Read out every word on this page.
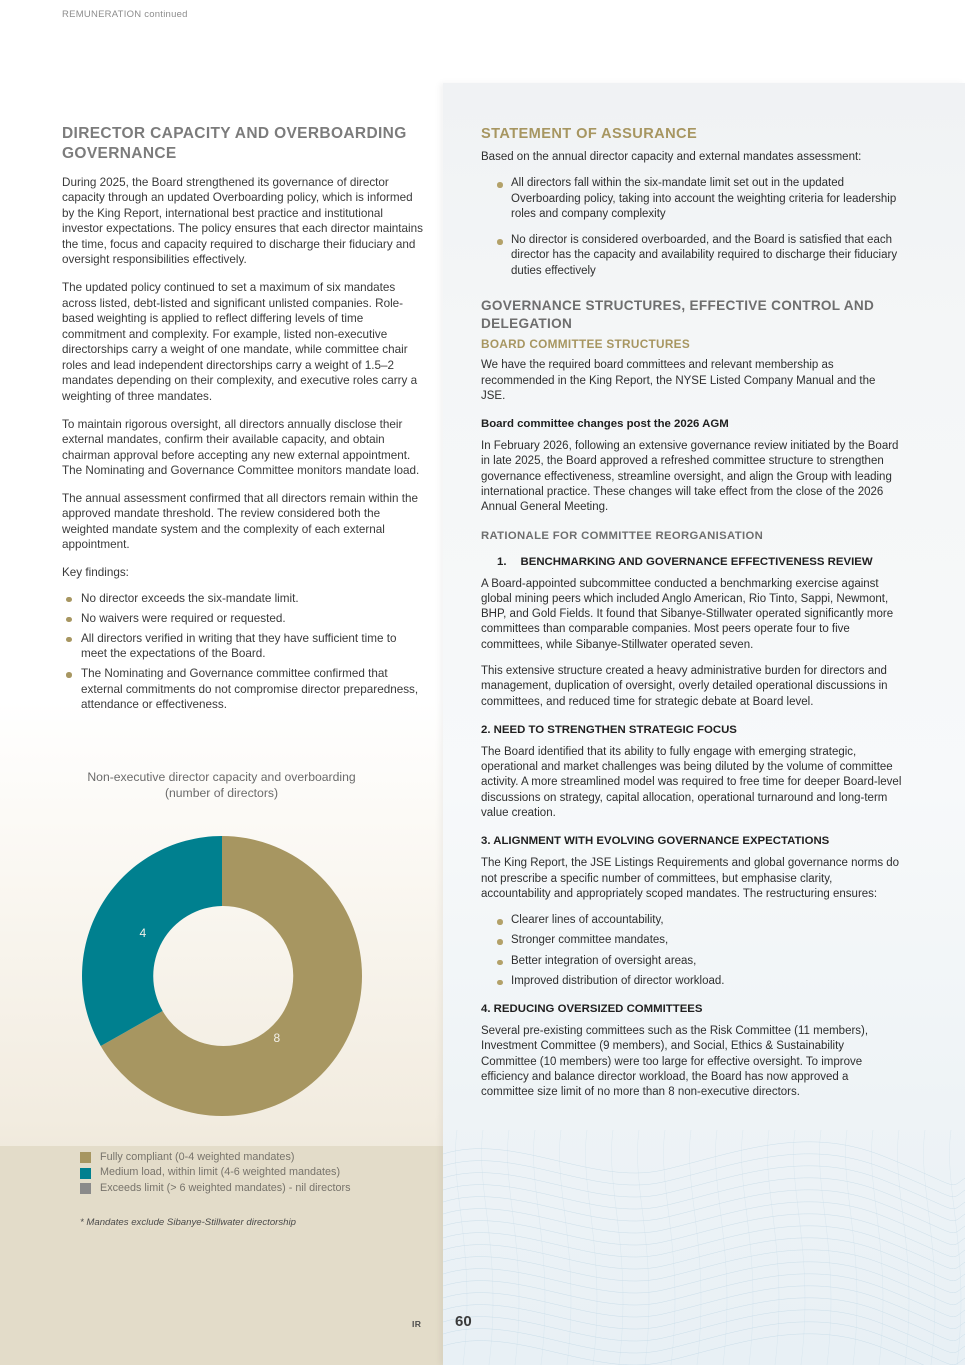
REMUNERATION continued
DIRECTOR CAPACITY AND OVERBOARDING GOVERNANCE

During 2025, the Board strengthened its governance of director capacity through an updated Overboarding policy, which is informed by the King Report, international best practice and institutional investor expectations. The policy ensures that each director maintains the time, focus and capacity required to discharge their fiduciary and oversight responsibilities effectively.

The updated policy continued to set a maximum of six mandates across listed, debt-listed and significant unlisted companies. Role-based weighting is applied to reflect differing levels of time commitment and complexity. For example, listed non-executive directorships carry a weight of one mandate, while committee chair roles and lead independent directorships carry a weight of 1.5–2 mandates depending on their complexity, and executive roles carry a weighting of three mandates.

To maintain rigorous oversight, all directors annually disclose their external mandates, confirm their available capacity, and obtain chairman approval before accepting any new external appointment. The Nominating and Governance Committee monitors mandate load.

The annual assessment confirmed that all directors remain within the approved mandate threshold. The review considered both the weighted mandate system and the complexity of each external appointment.

Key findings:

No director exceeds the six-mandate limit.
No waivers were required or requested.
All directors verified in writing that they have sufficient time to meet the expectations of the Board.
The Nominating and Governance committee confirmed that external commitments do not compromise director preparedness, attendance or effectiveness.
Non-executive director capacity and overboarding
(number of directors)
4
8
Fully compliant (0-4 weighted mandates)
Medium load, within limit (4-6 weighted mandates)
Exceeds limit (> 6 weighted mandates) - nil directors
* Mandates exclude Sibanye-Stillwater directorship
STATEMENT OF ASSURANCE

Based on the annual director capacity and external mandates assessment:

All directors fall within the six-mandate limit set out in the updated Overboarding policy, taking into account the weighting criteria for leadership roles and company complexity
No director is considered overboarded, and the Board is satisfied that each director has the capacity and availability required to discharge their fiduciary duties effectively
GOVERNANCE STRUCTURES, EFFECTIVE CONTROL AND DELEGATION
BOARD COMMITTEE STRUCTURES

We have the required board committees and relevant membership as recommended in the King Report, the NYSE Listed Company Manual and the JSE.

Board committee changes post the 2026 AGM

In February 2026, following an extensive governance review initiated by the Board in late 2025, the Board approved a refreshed committee structure to strengthen governance effectiveness, streamline oversight, and align the Group with leading international practice. These changes will take effect from the close of the 2026 Annual General Meeting.

RATIONALE FOR COMMITTEE REORGANISATION
1. BENCHMARKING AND GOVERNANCE EFFECTIVENESS REVIEW

A Board-appointed subcommittee conducted a benchmarking exercise against global mining peers which included Anglo American, Rio Tinto, Sappi, Newmont, BHP, and Gold Fields. It found that Sibanye-Stillwater operated significantly more committees than comparable companies. Most peers operate four to five committees, while Sibanye-Stillwater operated seven.

This extensive structure created a heavy administrative burden for directors and management, duplication of oversight, overly detailed operational discussions in committees, and reduced time for strategic debate at Board level.

2. NEED TO STRENGTHEN STRATEGIC FOCUS

The Board identified that its ability to fully engage with emerging strategic, operational and market challenges was being diluted by the volume of committee activity. A more streamlined model was required to free time for deeper Board-level discussions on strategy, capital allocation, operational turnaround and long-term value creation.

3. ALIGNMENT WITH EVOLVING GOVERNANCE EXPECTATIONS

The King Report, the JSE Listings Requirements and global governance norms do not prescribe a specific number of committees, but emphasise clarity, accountability and appropriately scoped mandates. The restructuring ensures:

Clearer lines of accountability,
Stronger committee mandates,
Better integration of oversight areas,
Improved distribution of director workload.
4. REDUCING OVERSIZED COMMITTEES

Several pre-existing committees such as the Risk Committee (11 members), Investment Committee (9 members), and Social, Ethics & Sustainability Committee (10 members) were too large for effective oversight. To improve efficiency and balance director workload, the Board has now approved a committee size limit of no more than 8 non-executive directors.

IR 60
